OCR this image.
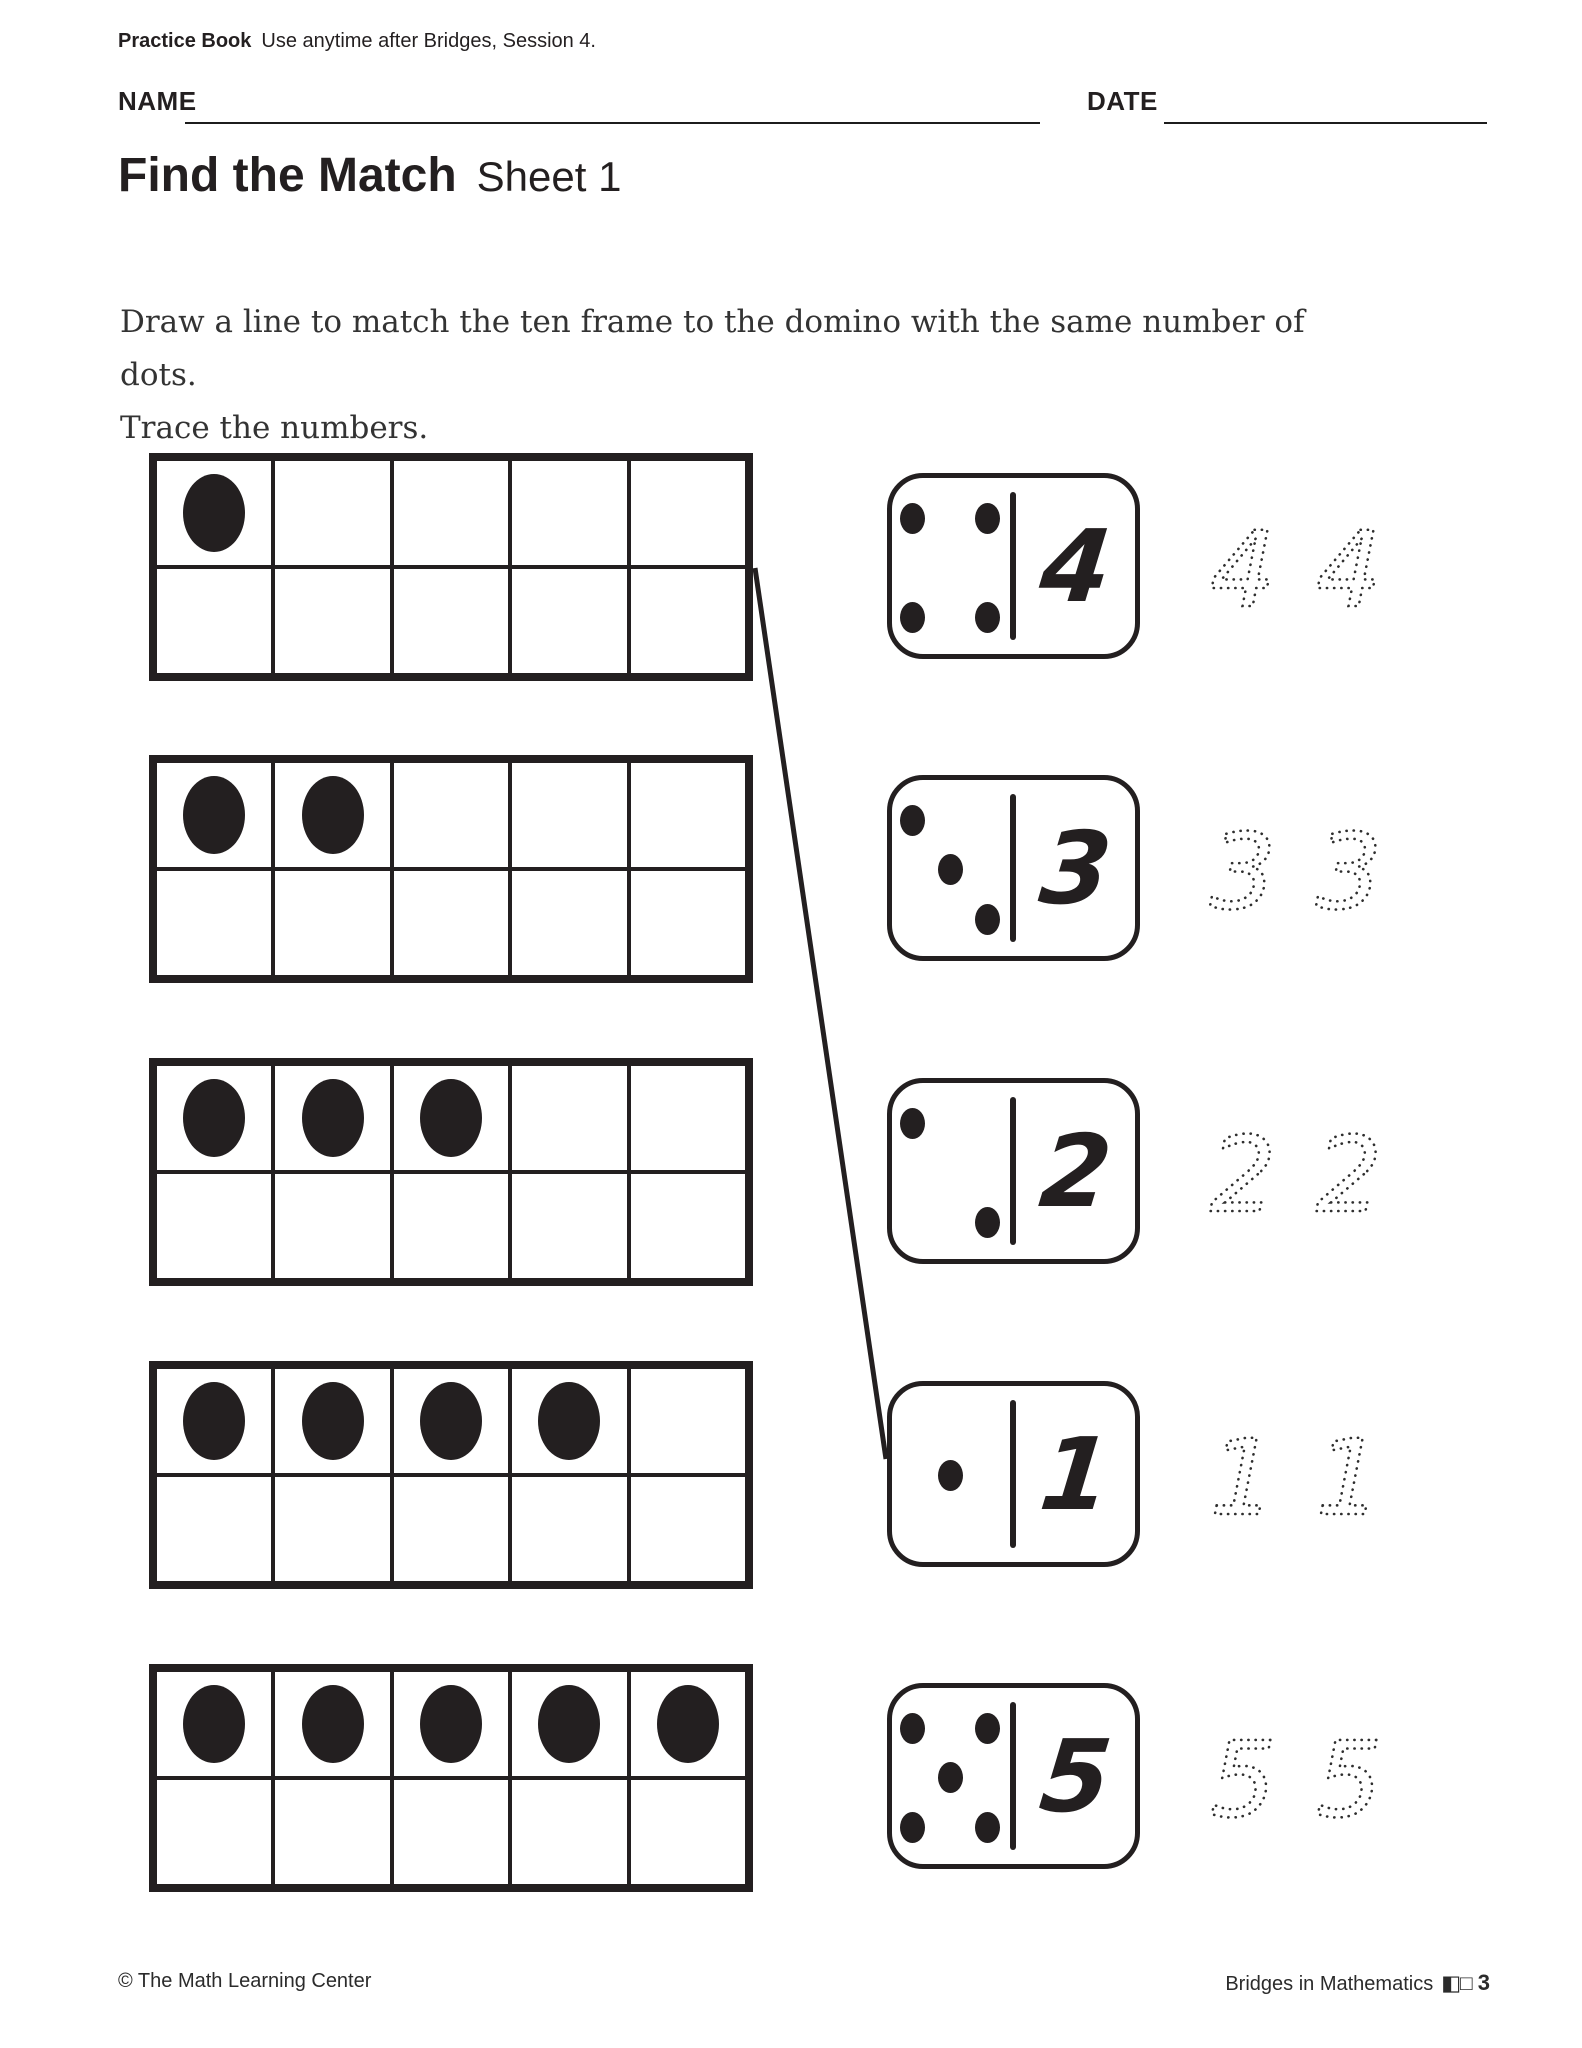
Practice Book Use anytime after Bridges, Session 4.
NAME	DATE
Find the Match Sheet 1
Draw a line to match the ten frame to the domino with the same number of dots.
Trace the numbers.
4 4 4
3 3 3
2 2 2
1 1 1
5 5 5
© The Math Learning Center	Bridges in Mathematics ◧□ 3
